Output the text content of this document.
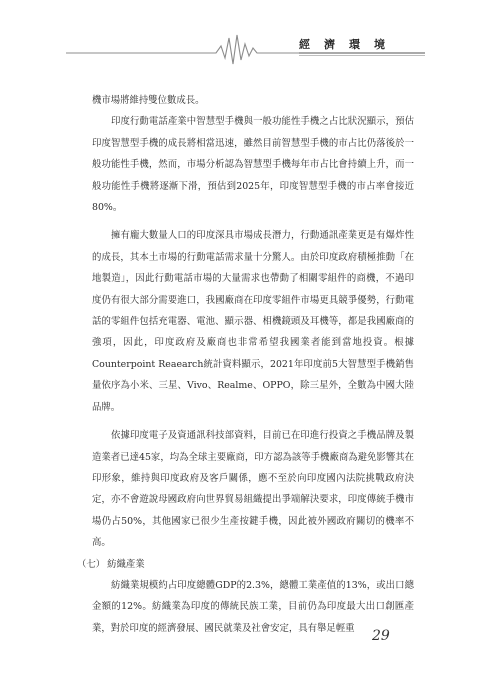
經濟環境

機市場將維持雙位數成長。

印度行動電話產業中智慧型手機與一般功能性手機之占比狀況顯示，預估印度智慧型手機的成長將相當迅速，雖然目前智慧型手機的市占比仍落後於一般功能性手機，然而，市場分析認為智慧型手機每年市占比會持續上升，而一般功能性手機將逐漸下滑，預估到2025年，印度智慧型手機的市占率會接近80%。

擁有龐大數量人口的印度深具市場成長潛力，行動通訊產業更是有爆炸性的成長，其本土市場的行動電話需求量十分驚人。由於印度政府積極推動「在地製造」，因此行動電話市場的大量需求也帶動了相關零組件的商機，不過印度仍有很大部分需要進口，我國廠商在印度零組件市場更具競爭優勢，行動電話的零組件包括充電器、電池、顯示器、相機鏡頭及耳機等，都是我國廠商的強項，因此，印度政府及廠商也非常希望我國業者能到當地投資。根據Counterpoint Reaearch統計資料顯示，2021年印度前5大智慧型手機銷售量依序為小米、三星、Vivo、Realme、OPPO，除三星外，全數為中國大陸品牌。

依據印度電子及資通訊科技部資料，目前已在印進行投資之手機品牌及製造業者已達45家，均為全球主要廠商，印方認為該等手機廠商為避免影響其在印形象，維持與印度政府及客戶關係，應不至於向印度國內法院挑戰政府決定，亦不會遊說母國政府向世界貿易組織提出爭端解決要求，印度傳統手機市場仍占50%，其他國家已很少生產按鍵手機，因此被外國政府關切的機率不高。

（七） 紡織產業

紡織業規模約占印度總體GDP的2.3%，總體工業產值的13%，或出口總金額的12%。紡織業為印度的傳統民族工業，目前仍為印度最大出口創匯產業，對於印度的經濟發展、國民就業及社會安定，具有舉足輕重	29
